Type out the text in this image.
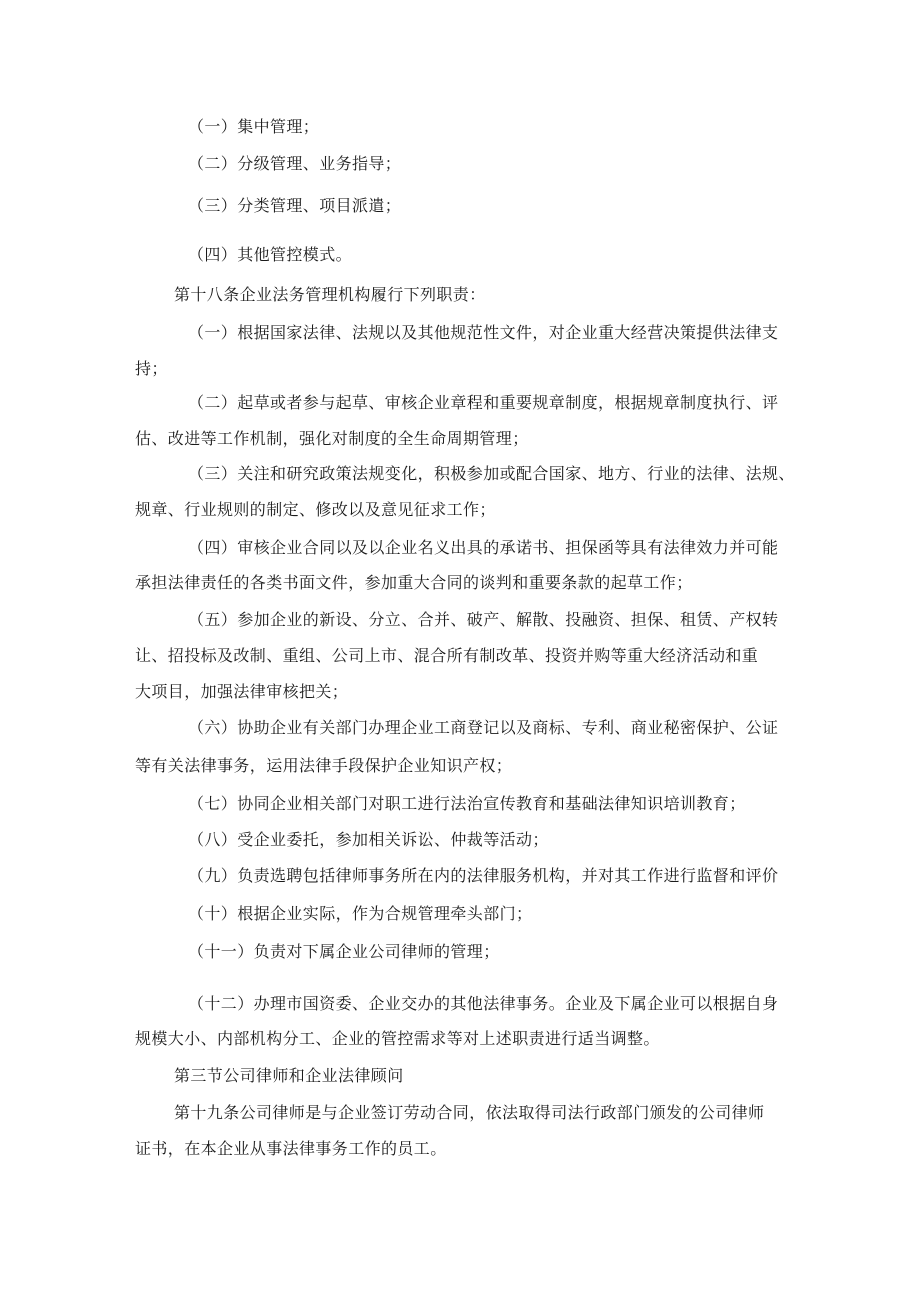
（一）集中管理；
（二）分级管理、业务指导；
（三）分类管理、项目派遣；
（四）其他管控模式。
第十八条企业法务管理机构履行下列职责：
（一）根据国家法律、法规以及其他规范性文件，对企业重大经营决策提供法律支
持；
（二）起草或者参与起草、审核企业章程和重要规章制度，根据规章制度执行、评
估、改进等工作机制，强化对制度的全生命周期管理；
（三）关注和研究政策法规变化，积极参加或配合国家、地方、行业的法律、法规、
规章、行业规则的制定、修改以及意见征求工作；
（四）审核企业合同以及以企业名义出具的承诺书、担保函等具有法律效力并可能
承担法律责任的各类书面文件，参加重大合同的谈判和重要条款的起草工作；
（五）参加企业的新设、分立、合并、破产、解散、投融资、担保、租赁、产权转
让、招投标及改制、重组、公司上市、混合所有制改革、投资并购等重大经济活动和重
大项目，加强法律审核把关；
（六）协助企业有关部门办理企业工商登记以及商标、专利、商业秘密保护、公证
等有关法律事务，运用法律手段保护企业知识产权；
（七）协同企业相关部门对职工进行法治宣传教育和基础法律知识培训教育；
（八）受企业委托，参加相关诉讼、仲裁等活动；
（九）负责选聘包括律师事务所在内的法律服务机构，并对其工作进行监督和评价
（十）根据企业实际，作为合规管理牵头部门；
（十一）负责对下属企业公司律师的管理；
（十二）办理市国资委、企业交办的其他法律事务。企业及下属企业可以根据自身
规模大小、内部机构分工、企业的管控需求等对上述职责进行适当调整。
第三节公司律师和企业法律顾问
第十九条公司律师是与企业签订劳动合同，依法取得司法行政部门颁发的公司律师
证书，在本企业从事法律事务工作的员工。
